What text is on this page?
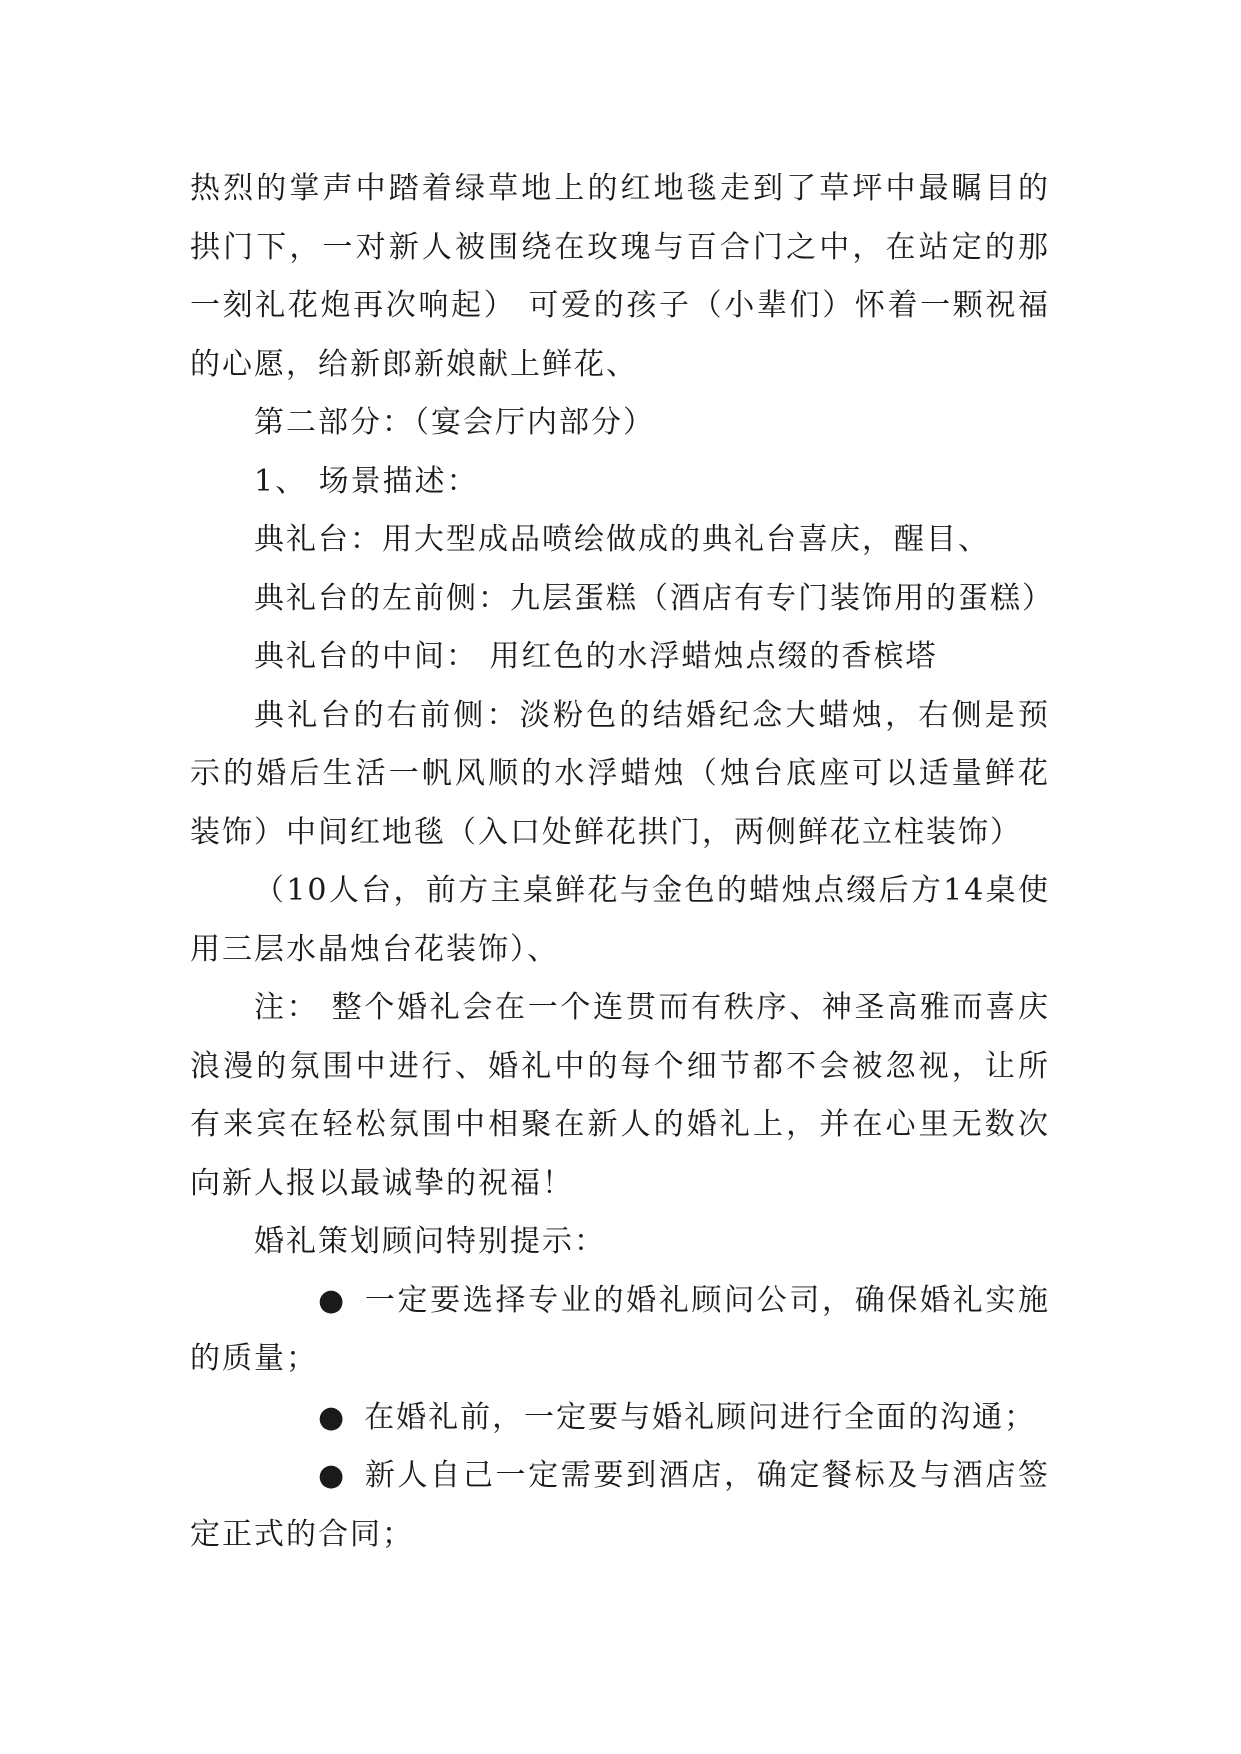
热烈的掌声中踏着绿草地上的红地毯走到了草坪中最瞩目的拱门下，一对新人被围绕在玫瑰与百合门之中，在站定的那一刻礼花炮再次响起） 可爱的孩子（小辈们）怀着一颗祝福的心愿，给新郎新娘献上鲜花、

第二部分：（宴会厅内部分）

1、 场景描述：

典礼台：用大型成品喷绘做成的典礼台喜庆，醒目、

典礼台的左前侧：九层蛋糕（酒店有专门装饰用的蛋糕）

典礼台的中间： 用红色的水浮蜡烛点缀的香槟塔

典礼台的右前侧：淡粉色的结婚纪念大蜡烛，右侧是预示的婚后生活一帆风顺的水浮蜡烛（烛台底座可以适量鲜花装饰）中间红地毯（入口处鲜花拱门，两侧鲜花立柱装饰）

（10人台，前方主桌鲜花与金色的蜡烛点缀后方14桌使用三层水晶烛台花装饰）、

注： 整个婚礼会在一个连贯而有秩序、神圣高雅而喜庆浪漫的氛围中进行、婚礼中的每个细节都不会被忽视，让所有来宾在轻松氛围中相聚在新人的婚礼上，并在心里无数次向新人报以最诚挚的祝福！

婚礼策划顾问特别提示：

● 一定要选择专业的婚礼顾问公司，确保婚礼实施的质量；

● 在婚礼前，一定要与婚礼顾问进行全面的沟通；

● 新人自己一定需要到酒店，确定餐标及与酒店签定正式的合同；
